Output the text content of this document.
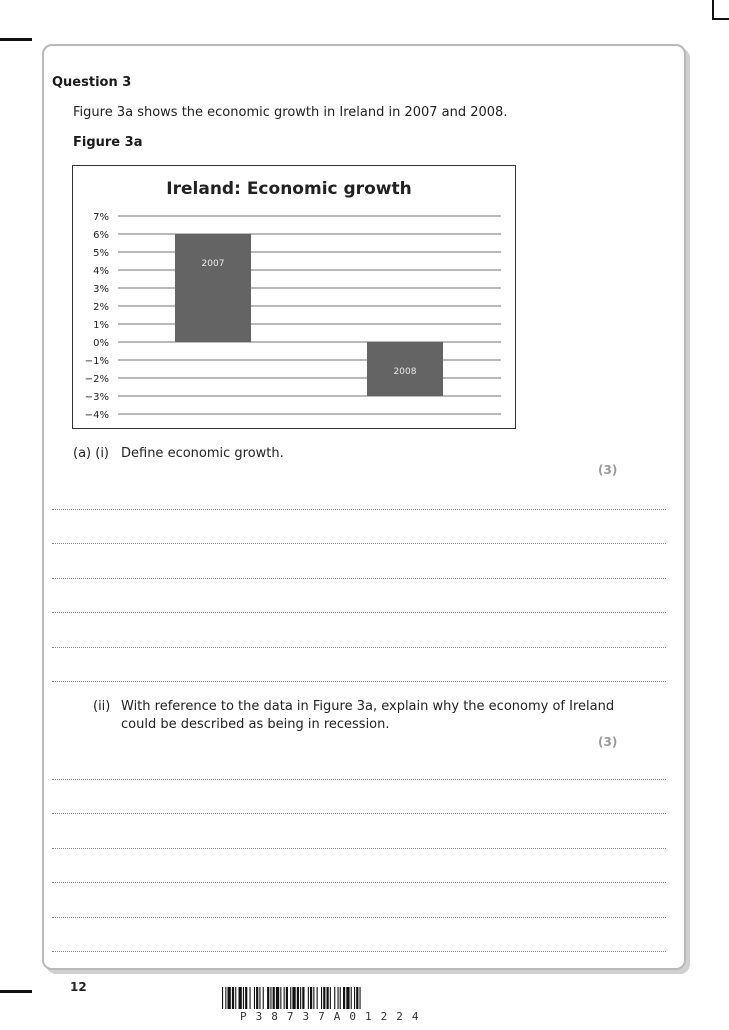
Question 3
Figure 3a shows the economic growth in Ireland in 2007 and 2008.
Figure 3a
Ireland: Economic growth
2007
2008
7%
6%
5%
4%
3%
2%
1%
0%
−1%
−2%
−3%
−4%
(a) (i) Define economic growth.
(3)
(ii) With reference to the data in Figure 3a, explain why the economy of Ireland
could be described as being in recession.
(3)
12
P38737A01224
